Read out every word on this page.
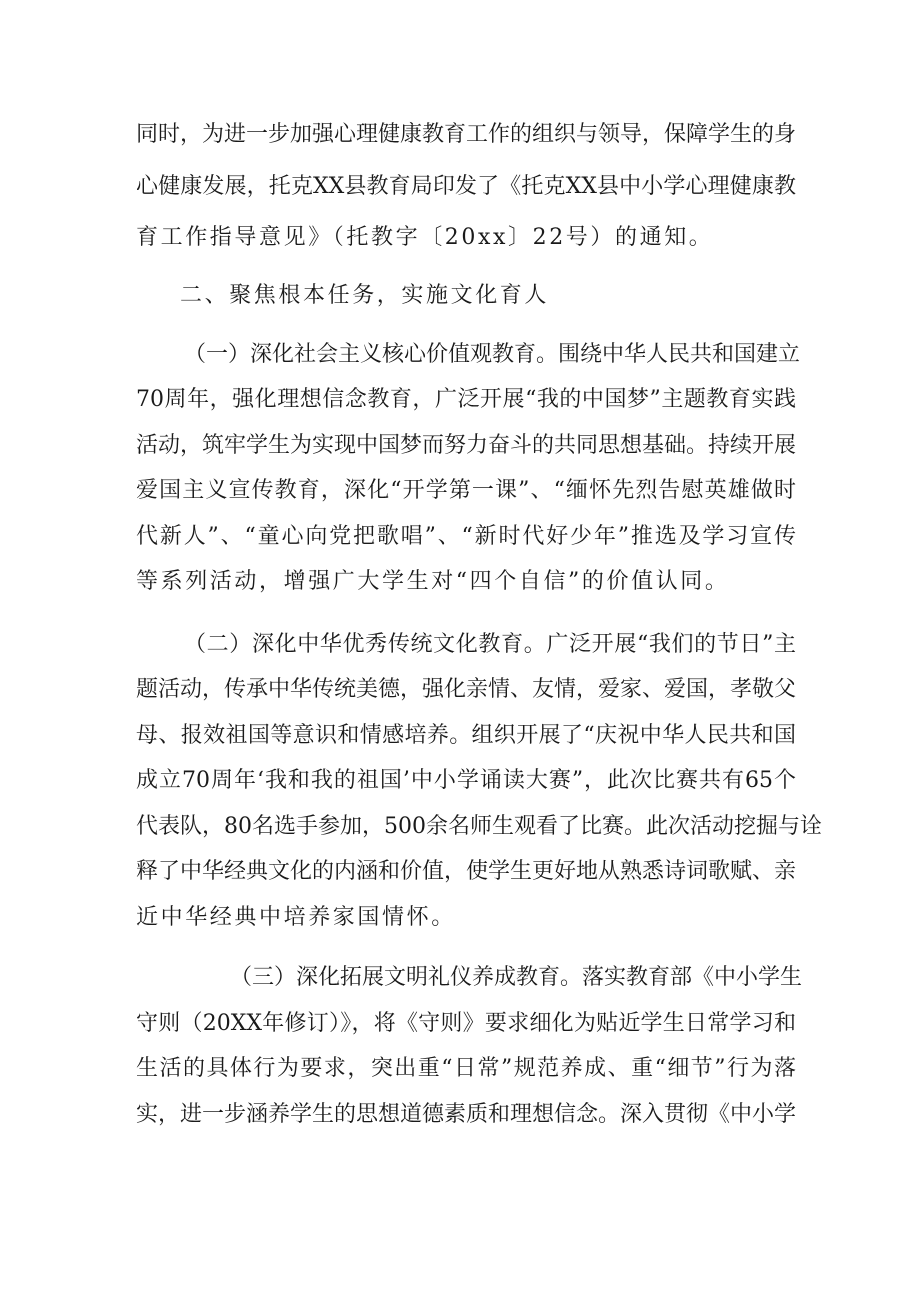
同时，为进一步加强心理健康教育工作的组织与领导，保障学生的身
心健康发展，托克XX县教育局印发了《托克XX县中小学心理健康教
育工作指导意见》（托教字〔20xx〕22号）的通知。
二、聚焦根本任务，实施文化育人
（一）深化社会主义核心价值观教育。围绕中华人民共和国建立
70周年，强化理想信念教育，广泛开展“我的中国梦”主题教育实践
活动，筑牢学生为实现中国梦而努力奋斗的共同思想基础。持续开展
爱国主义宣传教育，深化“开学第一课”、“缅怀先烈告慰英雄做时
代新人”、“童心向党把歌唱”、“新时代好少年”推选及学习宣传
等系列活动，增强广大学生对“四个自信”的价值认同。
（二）深化中华优秀传统文化教育。广泛开展“我们的节日”主
题活动，传承中华传统美德，强化亲情、友情，爱家、爱国，孝敬父
母、报效祖国等意识和情感培养。组织开展了“庆祝中华人民共和国
成立70周年‘我和我的祖国’中小学诵读大赛”，此次比赛共有65个
代表队，80名选手参加，500余名师生观看了比赛。此次活动挖掘与诠
释了中华经典文化的内涵和价值，使学生更好地从熟悉诗词歌赋、亲
近中华经典中培养家国情怀。
（三）深化拓展文明礼仪养成教育。落实教育部《中小学生
守则（20XX年修订）》，将《守则》要求细化为贴近学生日常学习和
生活的具体行为要求，突出重“日常”规范养成、重“细节”行为落
实，进一步涵养学生的思想道德素质和理想信念。深入贯彻《中小学
